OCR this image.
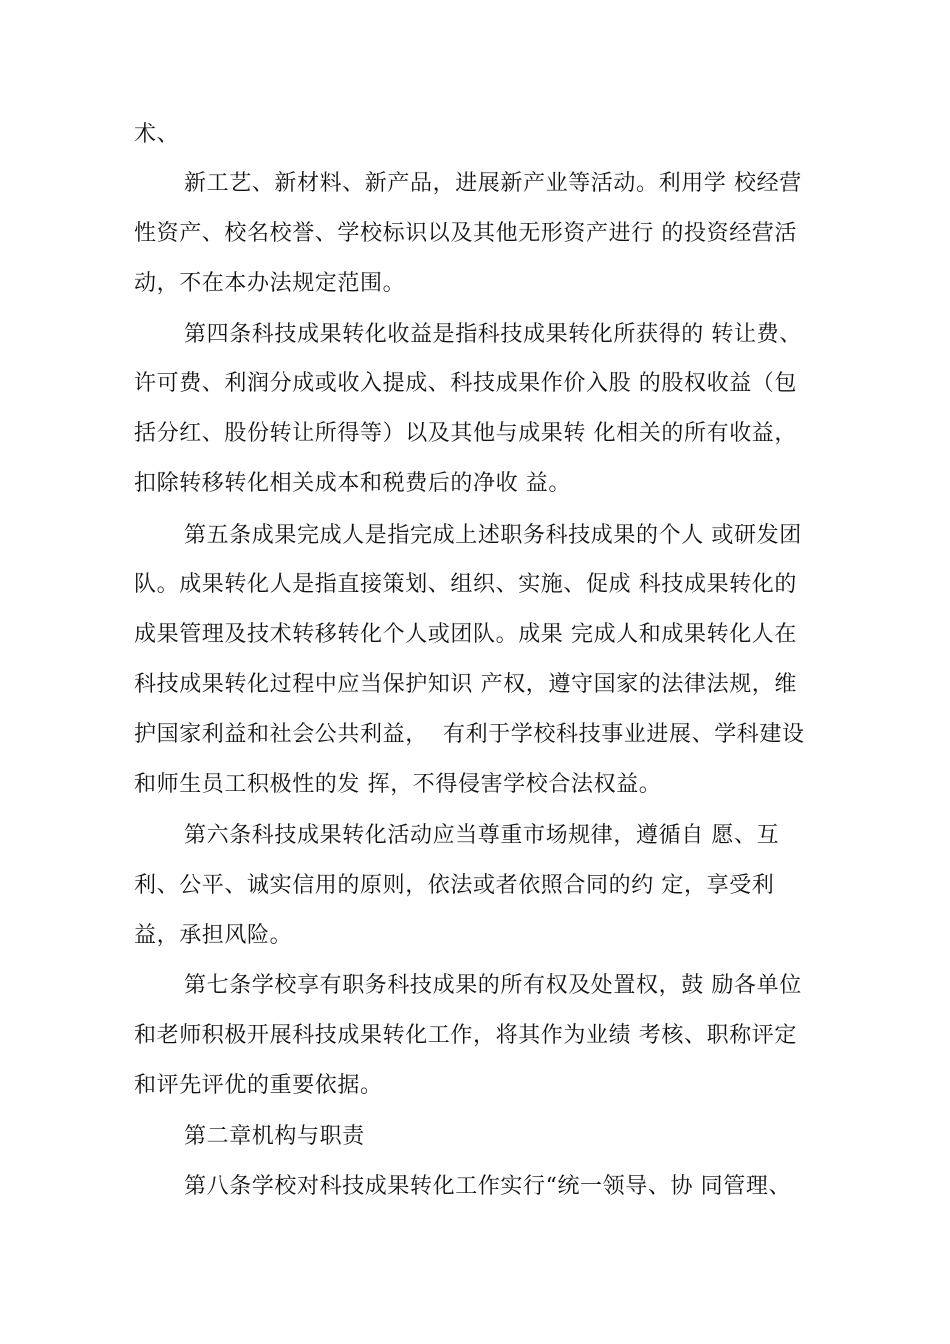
术、
新工艺、新材料、新产品，进展新产业等活动。利用学 校经营
性资产、校名校誉、学校标识以及其他无形资产进行 的投资经营活
动，不在本办法规定范围。
第四条科技成果转化收益是指科技成果转化所获得的 转让费、
许可费、利润分成或收入提成、科技成果作价入股 的股权收益（包
括分红、股份转让所得等）以及其他与成果转 化相关的所有收益，
扣除转移转化相关成本和税费后的净收 益。
第五条成果完成人是指完成上述职务科技成果的个人 或研发团
队。成果转化人是指直接策划、组织、实施、促成 科技成果转化的
成果管理及技术转移转化个人或团队。成果 完成人和成果转化人在
科技成果转化过程中应当保护知识 产权，遵守国家的法律法规，维
护国家利益和社会公共利益，  有利于学校科技事业进展、学科建设
和师生员工积极性的发 挥，不得侵害学校合法权益。
第六条科技成果转化活动应当尊重市场规律，遵循自 愿、互
利、公平、诚实信用的原则，依法或者依照合同的约 定，享受利
益，承担风险。
第七条学校享有职务科技成果的所有权及处置权，鼓 励各单位
和老师积极开展科技成果转化工作，将其作为业绩 考核、职称评定
和评先评优的重要依据。
第二章机构与职责
第八条学校对科技成果转化工作实行“统一领导、协 同管理、
